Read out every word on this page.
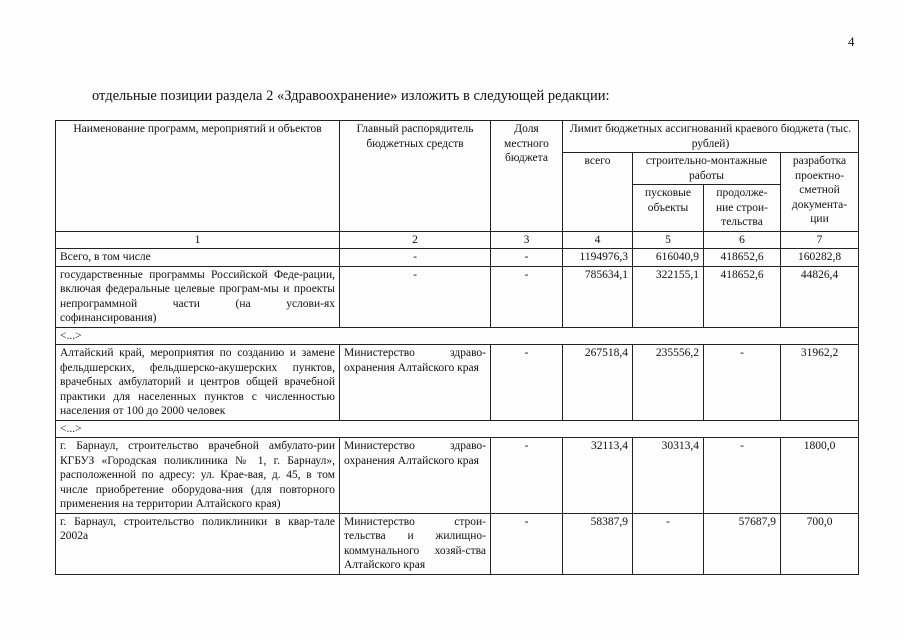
4
отдельные позиции раздела 2 «Здравоохранение» изложить в следующей редакции:
Наименование программ, мероприятий и объектов	Главный распорядитель бюджетных средств	Доля местного бюджета	Лимит бюджетных ассигнований краевого бюджета (тыс. рублей)			
			всего	строительно-монтажные работы		разработка проектно-сметной документа-ции
				пусковые объекты	продолже-ние строи-тельства	
1	2	3	4	5	6	7
Всего, в том числе	-	-	1194976,3	616040,9	418652,6	160282,8
государственные программы Российской Феде-рации, включая федеральные целевые програм-мы и проекты непрограммной части (на услови-ях софинансирования)	-	-	785634,1	322155,1	418652,6	44826,4
<...>						
Алтайский край, мероприятия по созданию и замене фельдшерских, фельдшерско-акушерских пунктов, врачебных амбулаторий и центров общей врачебной практики для населенных пунктов с численностью населения от 100 до 2000 человек	Министерство здраво-охранения Алтайского края	-	267518,4	235556,2	-	31962,2
<...>						
г. Барнаул, строительство врачебной амбулато-рии КГБУЗ «Городская поликлиника № 1, г. Барнаул», расположенной по адресу: ул. Крае-вая, д. 45, в том числе приобретение оборудова-ния (для повторного применения на территории Алтайского края)	Министерство здраво-охранения Алтайского края	-	32113,4	30313,4	-	1800,0
г. Барнаул, строительство поликлиники в квар-тале 2002а	Министерство строи-тельства и жилищно-коммунального хозяй-ства Алтайского края	-	58387,9	-	57687,9	700,0
